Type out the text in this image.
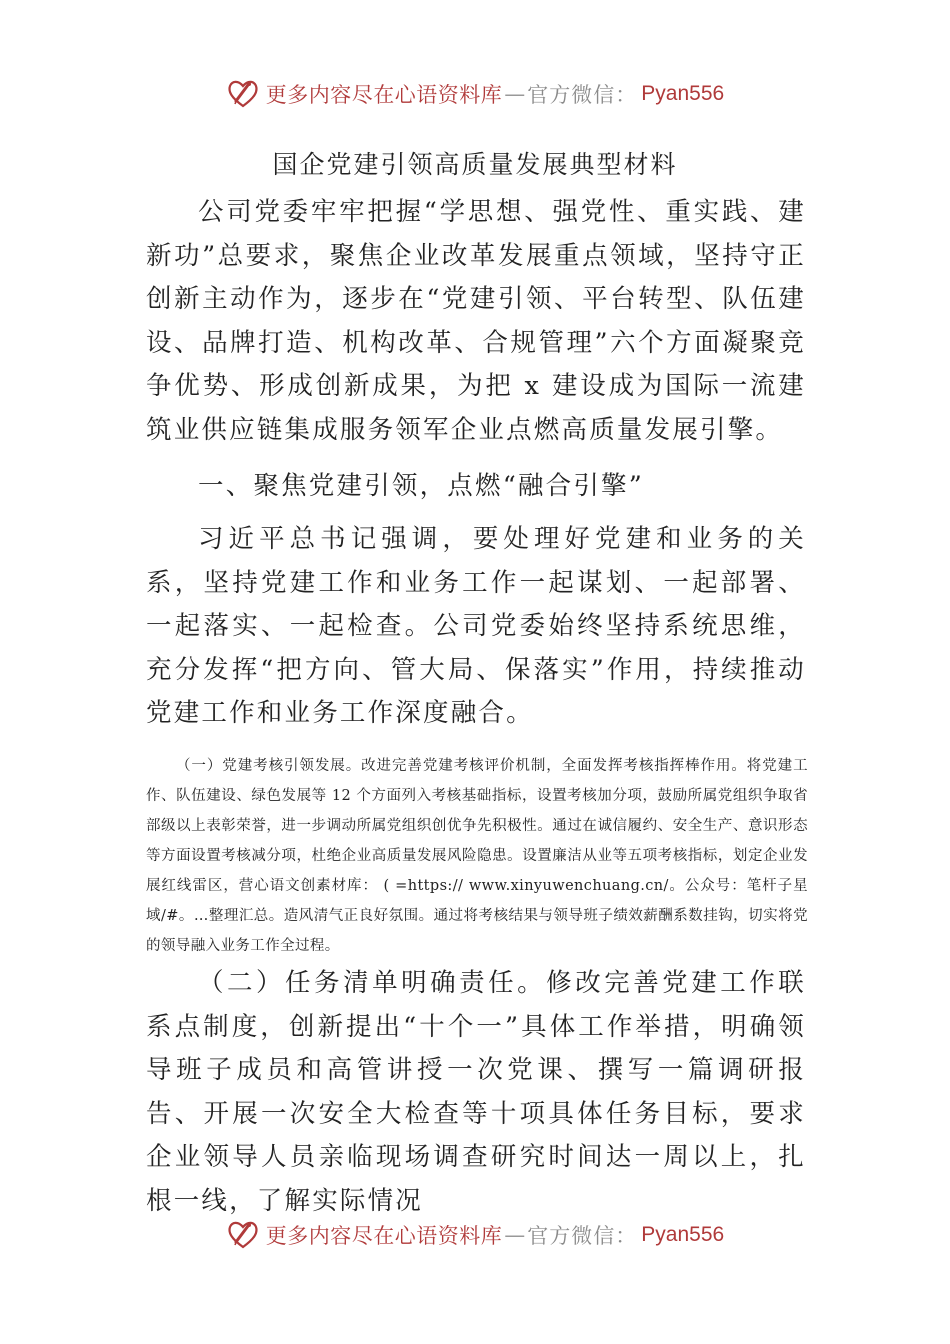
更多内容尽在心语资料库 — 官方微信： Pyan556
国企党建引领高质量发展典型材料

公司党委牢牢把握“学思想、强党性、重实践、建新功”总要求，聚焦企业改革发展重点领域，坚持守正创新主动作为，逐步在“党建引领、平台转型、队伍建设、品牌打造、机构改革、合规管理”六个方面凝聚竞争优势、形成创新成果，为把 x 建设成为国际一流建筑业供应链集成服务领军企业点燃高质量发展引擎。

一、聚焦党建引领，点燃“融合引擎”

习近平总书记强调，要处理好党建和业务的关系，坚持党建工作和业务工作一起谋划、一起部署、一起落实、一起检查。公司党委始终坚持系统思维，充分发挥“把方向、管大局、保落实”作用，持续推动党建工作和业务工作深度融合。

（一）党建考核引领发展。改进完善党建考核评价机制，全面发挥考核指挥棒作用。将党建工作、队伍建设、绿色发展等 12 个方面列入考核基础指标，设置考核加分项，鼓励所属党组织争取省部级以上表彰荣誉，进一步调动所属党组织创优争先积极性。通过在诚信履约、安全生产、意识形态等方面设置考核减分项，杜绝企业高质量发展风险隐患。设置廉洁从业等五项考核指标，划定企业发展红线雷区，营心语文创素材库： ( =https:// www.xinyuwenchuang.cn/。公众号：笔杆子星域/#。…整理汇总。造风清气正良好氛围。通过将考核结果与领导班子绩效薪酬系数挂钩，切实将党的领导融入业务工作全过程。

（二）任务清单明确责任。修改完善党建工作联系点制度，创新提出“十个一”具体工作举措，明确领导班子成员和高管讲授一次党课、撰写一篇调研报告、开展一次安全大检查等十项具体任务目标，要求企业领导人员亲临现场调查研究时间达一周以上，扎根一线，了解实际情况

更多内容尽在心语资料库 — 官方微信： Pyan556
